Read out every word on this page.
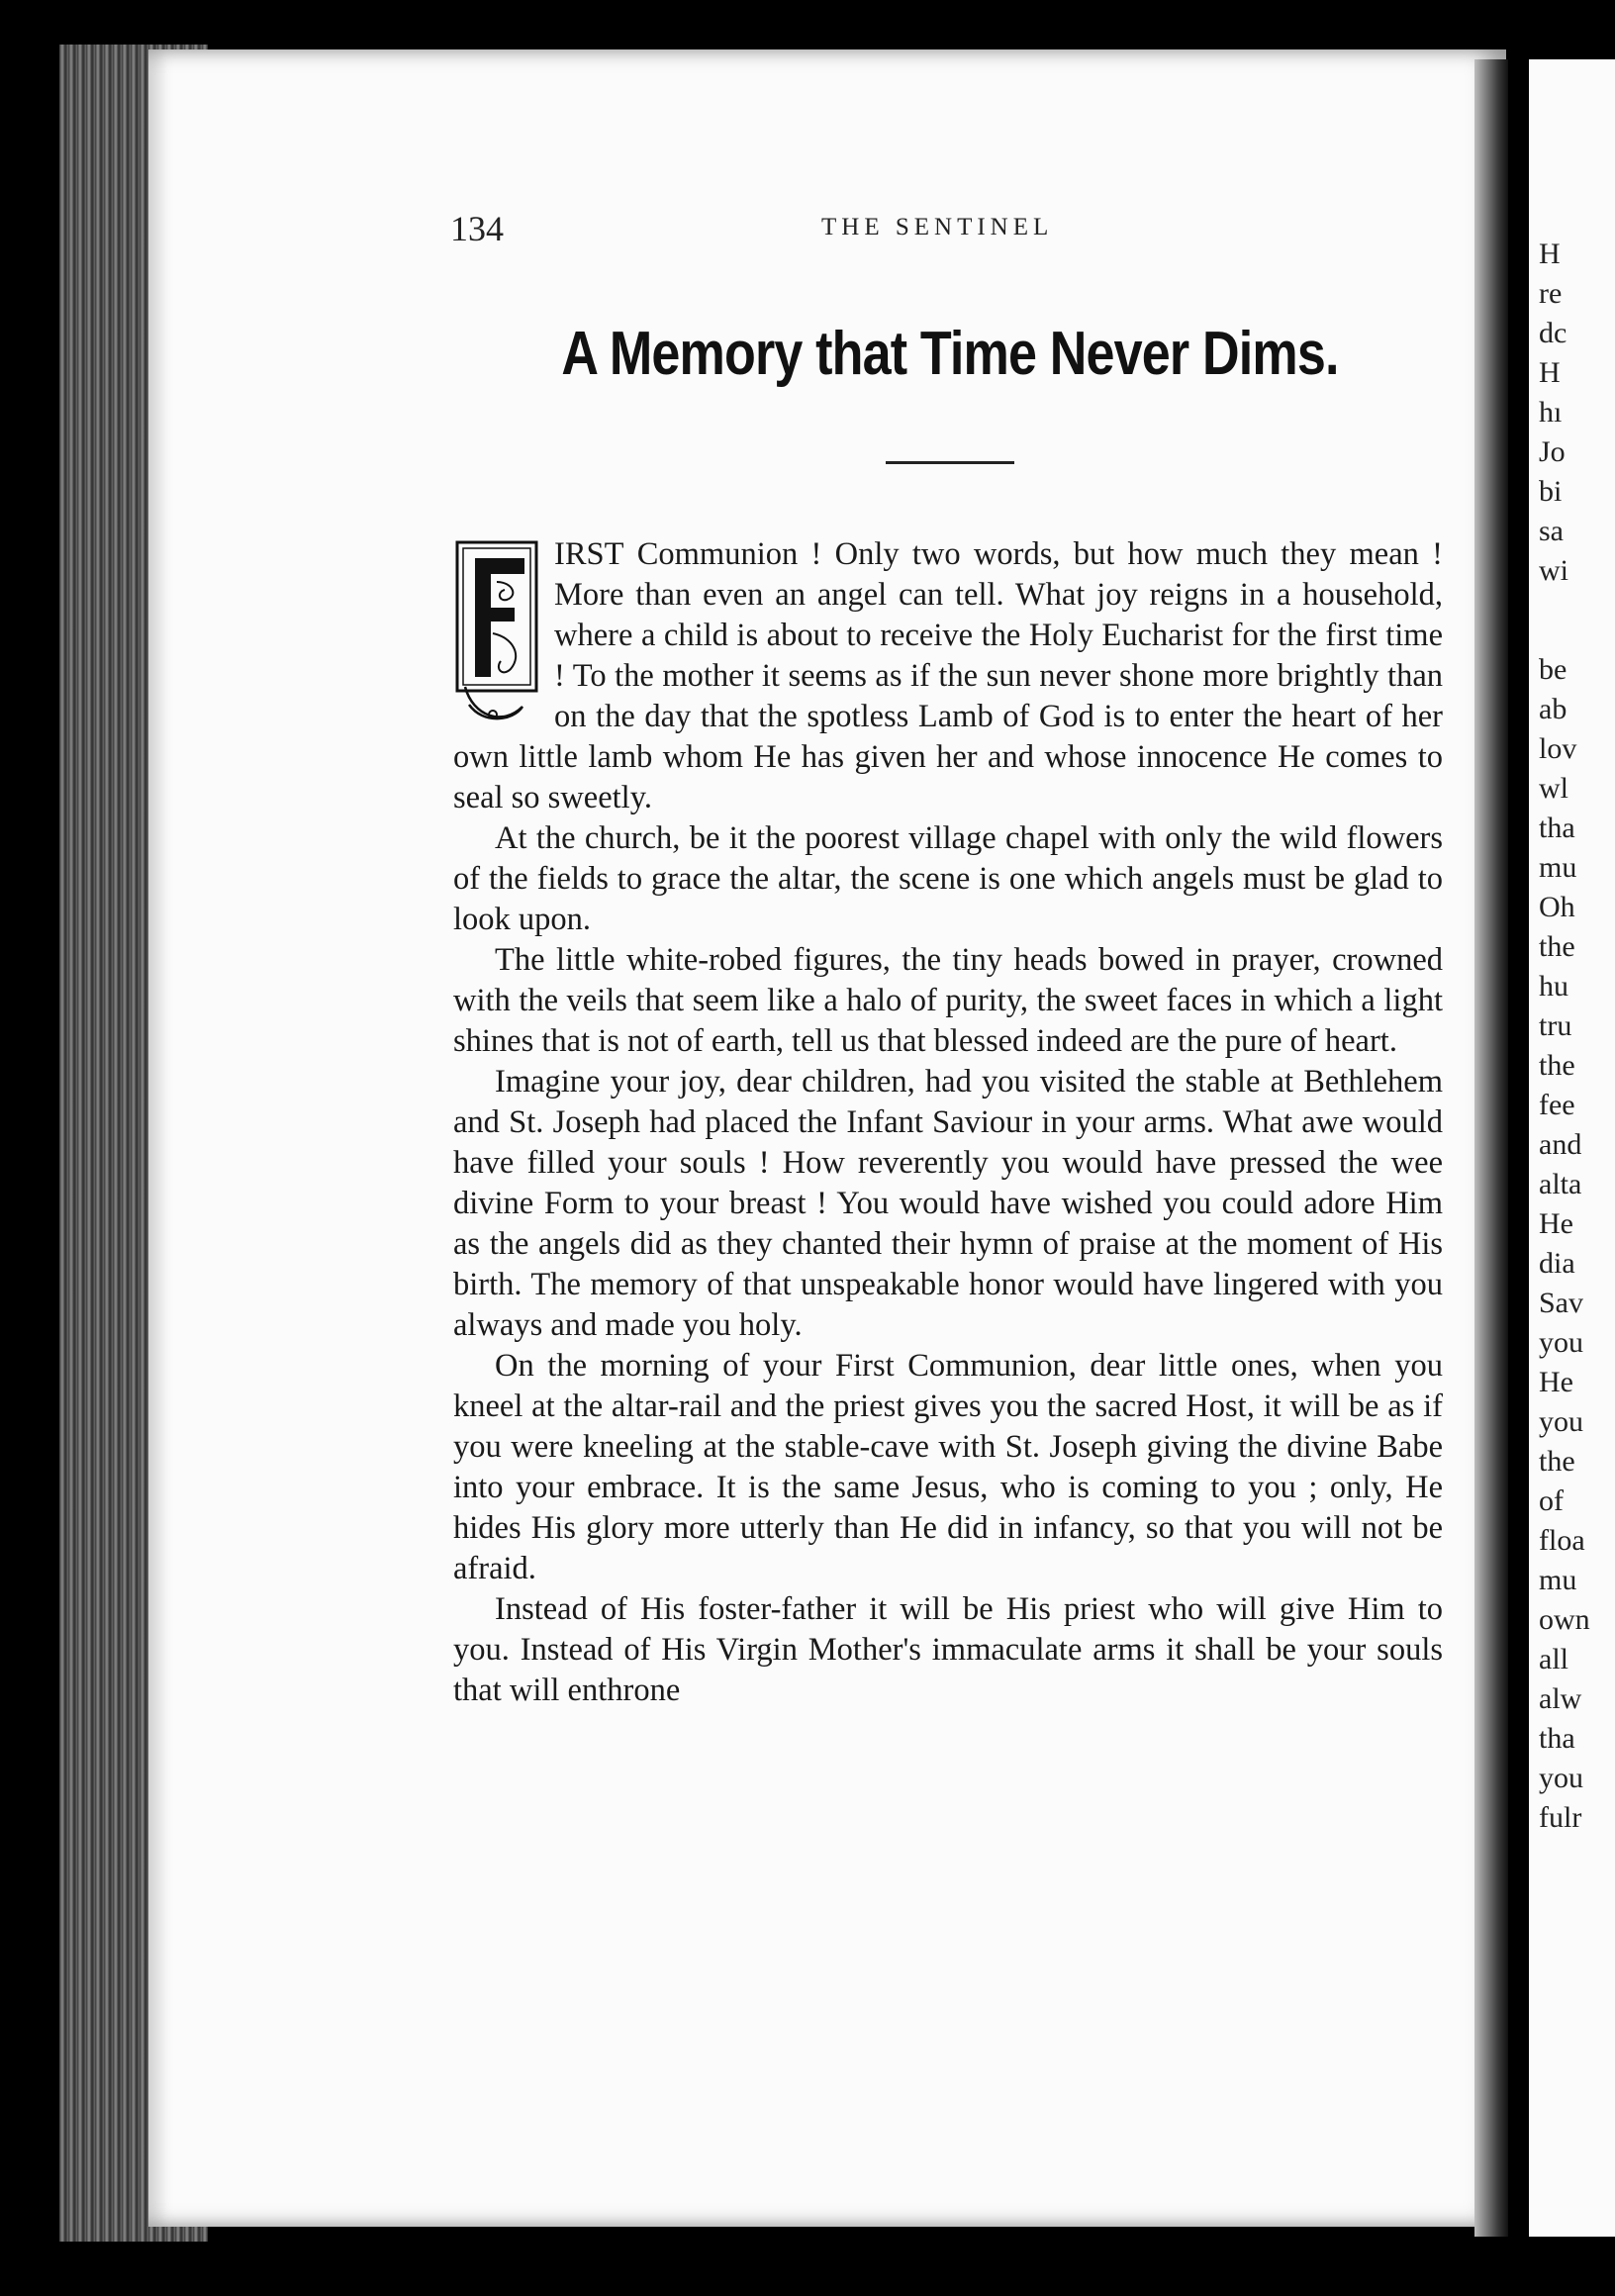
H
re
dc
H
hı
Jo
bi
sa
wi
be
ab
lov
wl
tha
mu
Oh
the
hu
tru
the
fee
and
alta
He
dia
Sav
you
He
you
the
of
floa
mu
own
all
alw
tha
you
fulr
134	THE SENTINEL
A Memory that Time Never Dims.

IRST Communion ! Only two words, but how much they mean ! More than even an angel can tell. What joy reigns in a household, where a child is about to receive the Holy Eucharist for the first time ! To the mother it seems as if the sun never shone more brightly than on the day that the spotless Lamb of God is to enter the heart of her own little lamb whom He has given her and whose innocence He comes to seal so sweetly.

At the church, be it the poorest village chapel with only the wild flowers of the fields to grace the altar, the scene is one which angels must be glad to look upon.

The little white-robed figures, the tiny heads bowed in prayer, crowned with the veils that seem like a halo of purity, the sweet faces in which a light shines that is not of earth, tell us that blessed indeed are the pure of heart.

Imagine your joy, dear children, had you visited the stable at Bethlehem and St. Joseph had placed the Infant Saviour in your arms. What awe would have filled your souls ! How reverently you would have pressed the wee divine Form to your breast ! You would have wished you could adore Him as the angels did as they chanted their hymn of praise at the moment of His birth. The memory of that unspeakable honor would have lingered with you always and made you holy.

On the morning of your First Communion, dear little ones, when you kneel at the altar-rail and the priest gives you the sacred Host, it will be as if you were kneeling at the stable-cave with St. Joseph giving the divine Babe into your embrace. It is the same Jesus, who is coming to you ; only, He hides His glory more utterly than He did in infancy, so that you will not be afraid.

Instead of His foster-father it will be His priest who will give Him to you. Instead of His Virgin Mother's immaculate arms it shall be your souls that will enthrone
